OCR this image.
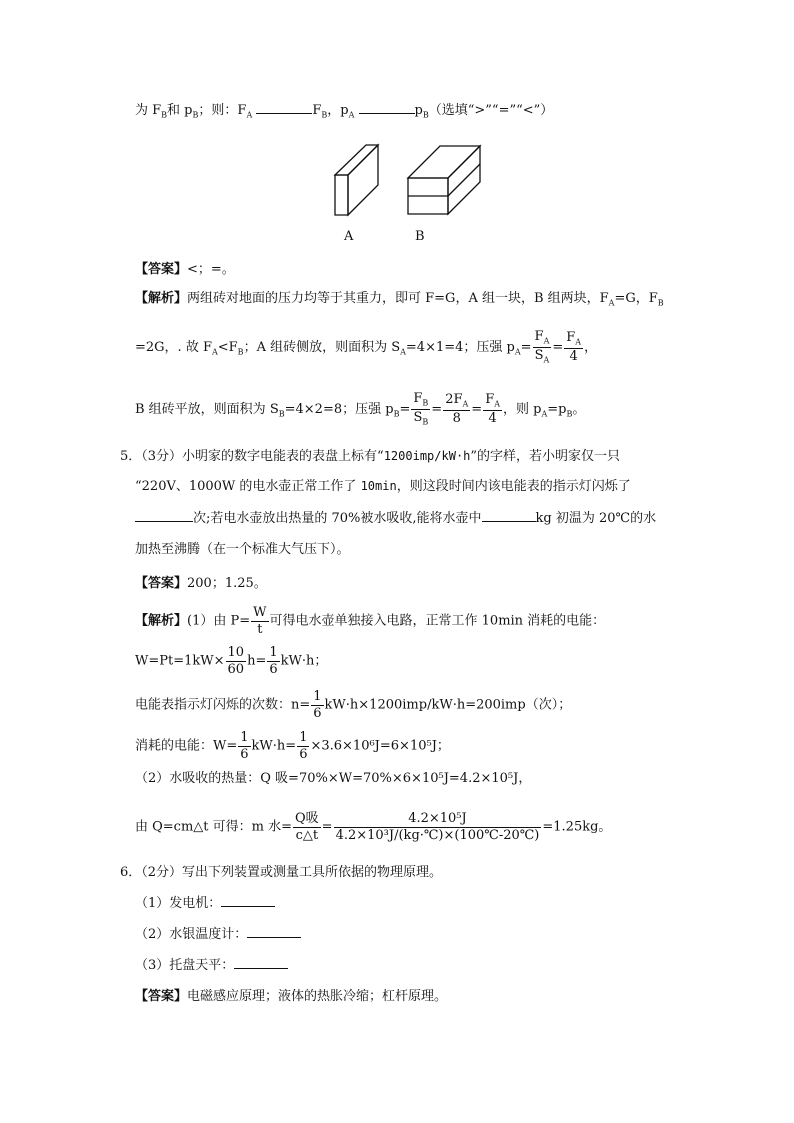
为 $F_B$和 $p_B$；则：$F_A$	$F_B$，$p_A$	$p_B$（选填“>”“=”“<”）
A	B
【答案】<；=。
【解析】两组砖对地面的压力均等于其重力，即可 F=G，A 组一块，B 组两块，$F_A=G$，$F_B$
=2G，. 故 $F_A<F_B$；A 组砖侧放，则面积为 $S_A=4\times 1=4$；压强 $p_A= \frac{F_A}{S_A} = \frac{F_A}{4}$ ，
B 组砖平放，则面积为 $S_B=4\times 2=8$；压强 $p_B= \frac{F_B}{S_B} = \frac{2F_A}{8} = \frac{F_A}{4}$ ，则 $p_A=p_B$。
5．（3分）小明家的数字电能表的表盘上标有“1200imp/kW·h”的字样，若小明家仅一只
“220V、1000W 的电水壶正常工作了 10min，则这段时间内该电能表的指示灯闪烁了
次;若电水壶放出热量的 70%被水吸收,能将水壶中	kg 初温为 20℃的水
加热至沸腾（在一个标准大气压下）。
【答案】200；1.25。
【解析】(1）由 $P= \frac{W}{t}$ 可得电水壶单独接入电路，正常工作 10min 消耗的电能：
$W=Pt=1kW\times \frac{10}{60} h= \frac{1}{6} kW\cdot h$；
电能表指示灯闪烁的次数：$n= \frac{1}{6} kW\cdot h\times 1200imp/kW\cdot h=200imp$（次）；
消耗的电能：$W= \frac{1}{6} kW\cdot h= \frac{1}{6} \times 3.6\times 10^6J=6\times 10^5J$；
（2）水吸收的热量：Q 吸=70%×W=70%×6×10⁵J=4.2×10⁵J，
由 Q=cm△t 可得：m 水= $\frac{\text{Q吸}}{c\triangle t} = \frac{\text{4.2×10⁵J}}{\text{4.2×10³J/(kg·℃)×(100℃-20℃)}} =1.25kg$。
6．（2分）写出下列装置或测量工具所依据的物理原理。
（1）发电机：
（2）水银温度计：
（3）托盘天平：
【答案】电磁感应原理；液体的热胀冷缩；杠杆原理。
